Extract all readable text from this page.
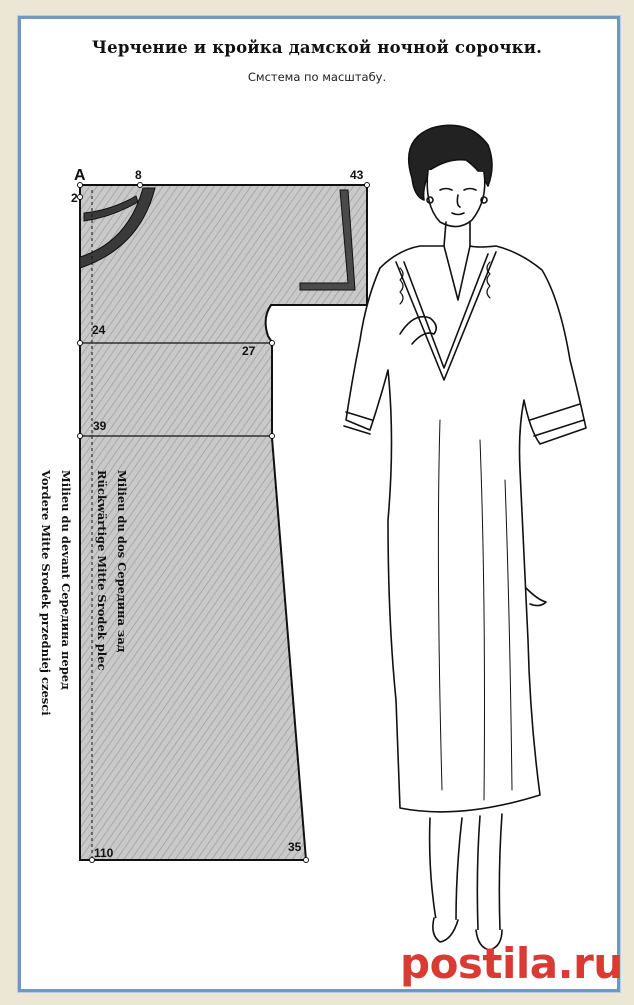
Черчение и кройка дамской ночной сорочки.
Смстема по масштабу.
A
2
8	43
24
27
39
110	35
Milieu du dos Середина зад
Rückwärtige Mitte Srodek plec
Milieu du devant Середина перед
Vordere Mitte Srodek przedniej czesci
postila.ru
